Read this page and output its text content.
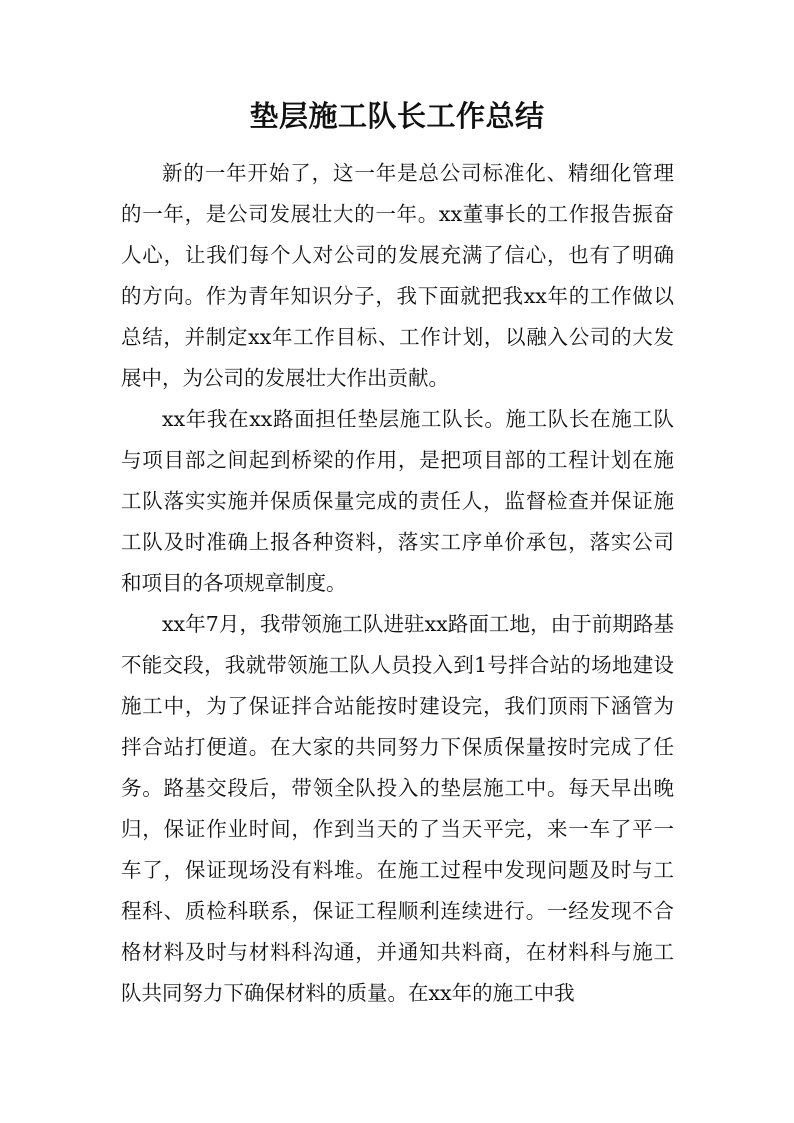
垫层施工队长工作总结

新的一年开始了，这一年是总公司标准化、精细化管理的一年，是公司发展壮大的一年。xx董事长的工作报告振奋人心，让我们每个人对公司的发展充满了信心，也有了明确的方向。作为青年知识分子，我下面就把我xx年的工作做以总结，并制定xx年工作目标、工作计划，以融入公司的大发展中，为公司的发展壮大作出贡献。

xx年我在xx路面担任垫层施工队长。施工队长在施工队与项目部之间起到桥梁的作用，是把项目部的工程计划在施工队落实实施并保质保量完成的责任人，监督检查并保证施工队及时准确上报各种资料，落实工序单价承包，落实公司和项目的各项规章制度。

xx年7月，我带领施工队进驻xx路面工地，由于前期路基不能交段，我就带领施工队人员投入到1号拌合站的场地建设施工中，为了保证拌合站能按时建设完，我们顶雨下涵管为拌合站打便道。在大家的共同努力下保质保量按时完成了任务。路基交段后，带领全队投入的垫层施工中。每天早出晚归，保证作业时间，作到当天的了当天平完，来一车了平一车了，保证现场没有料堆。在施工过程中发现问题及时与工程科、质检科联系，保证工程顺利连续进行。一经发现不合格材料及时与材料科沟通，并通知共料商，在材料科与施工队共同努力下确保材料的质量。在xx年的施工中我
